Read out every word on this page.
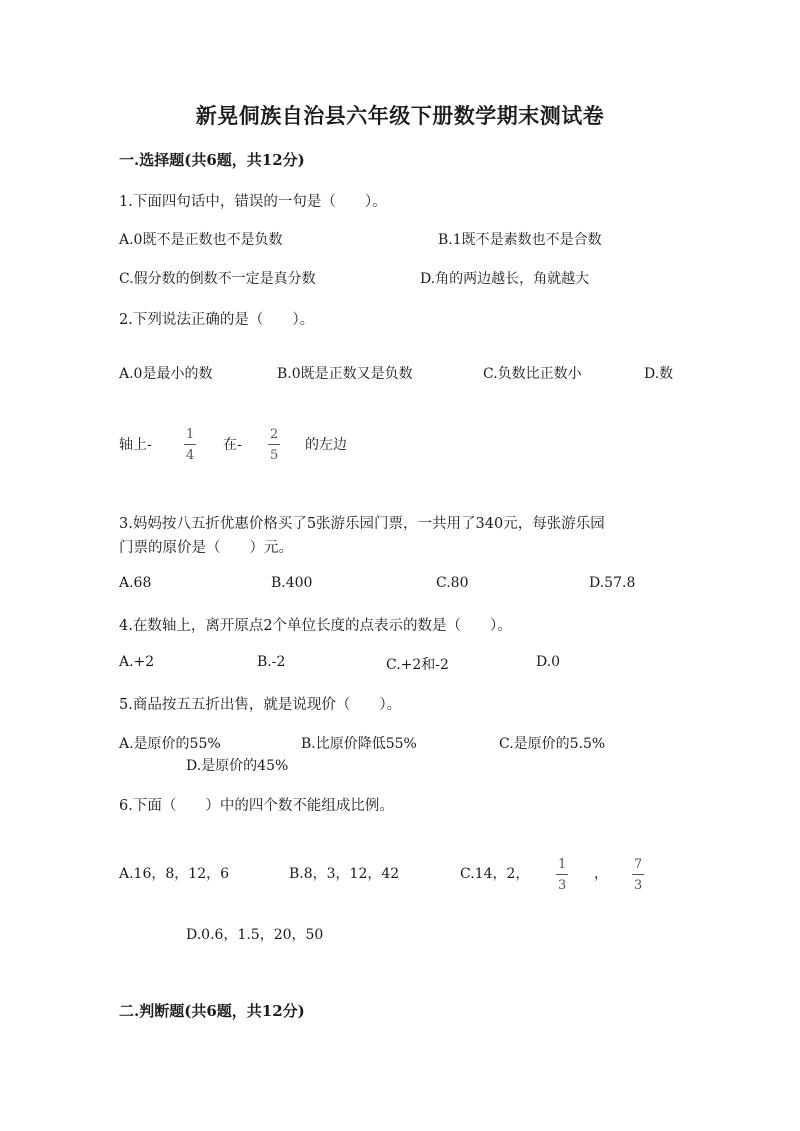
新晃侗族自治县六年级下册数学期末测试卷
一.选择题(共6题，共12分)
1.下面四句话中，错误的一句是（　　）。
A.0既不是正数也不是负数	B.1既不是素数也不是合数
C.假分数的倒数不一定是真分数	D.角的两边越长，角就越大
2.下列说法正确的是（　　）。
A.0是最小的数	B.0既是正数又是负数	C.负数比正数小	D.数
轴上-
1
4
在-
2
5
的左边
3.妈妈按八五折优惠价格买了5张游乐园门票，一共用了340元，每张游乐园
门票的原价是（　　）元。
A.68	B.400	C.80	D.57.8
4.在数轴上，离开原点2个单位长度的点表示的数是（　　）。
A.+2	B.-2	C.+2和-2	D.0
5.商品按五五折出售，就是说现价（　　）。
A.是原价的55%	B.比原价降低55%	C.是原价的5.5%
D.是原价的45%
6.下面（　　）中的四个数不能组成比例。
A.16，8，12，6	B.8，3，12，42	C.14，2，
1
3
，
7
3
D.0.6，1.5，20，50
二.判断题(共6题，共12分)
